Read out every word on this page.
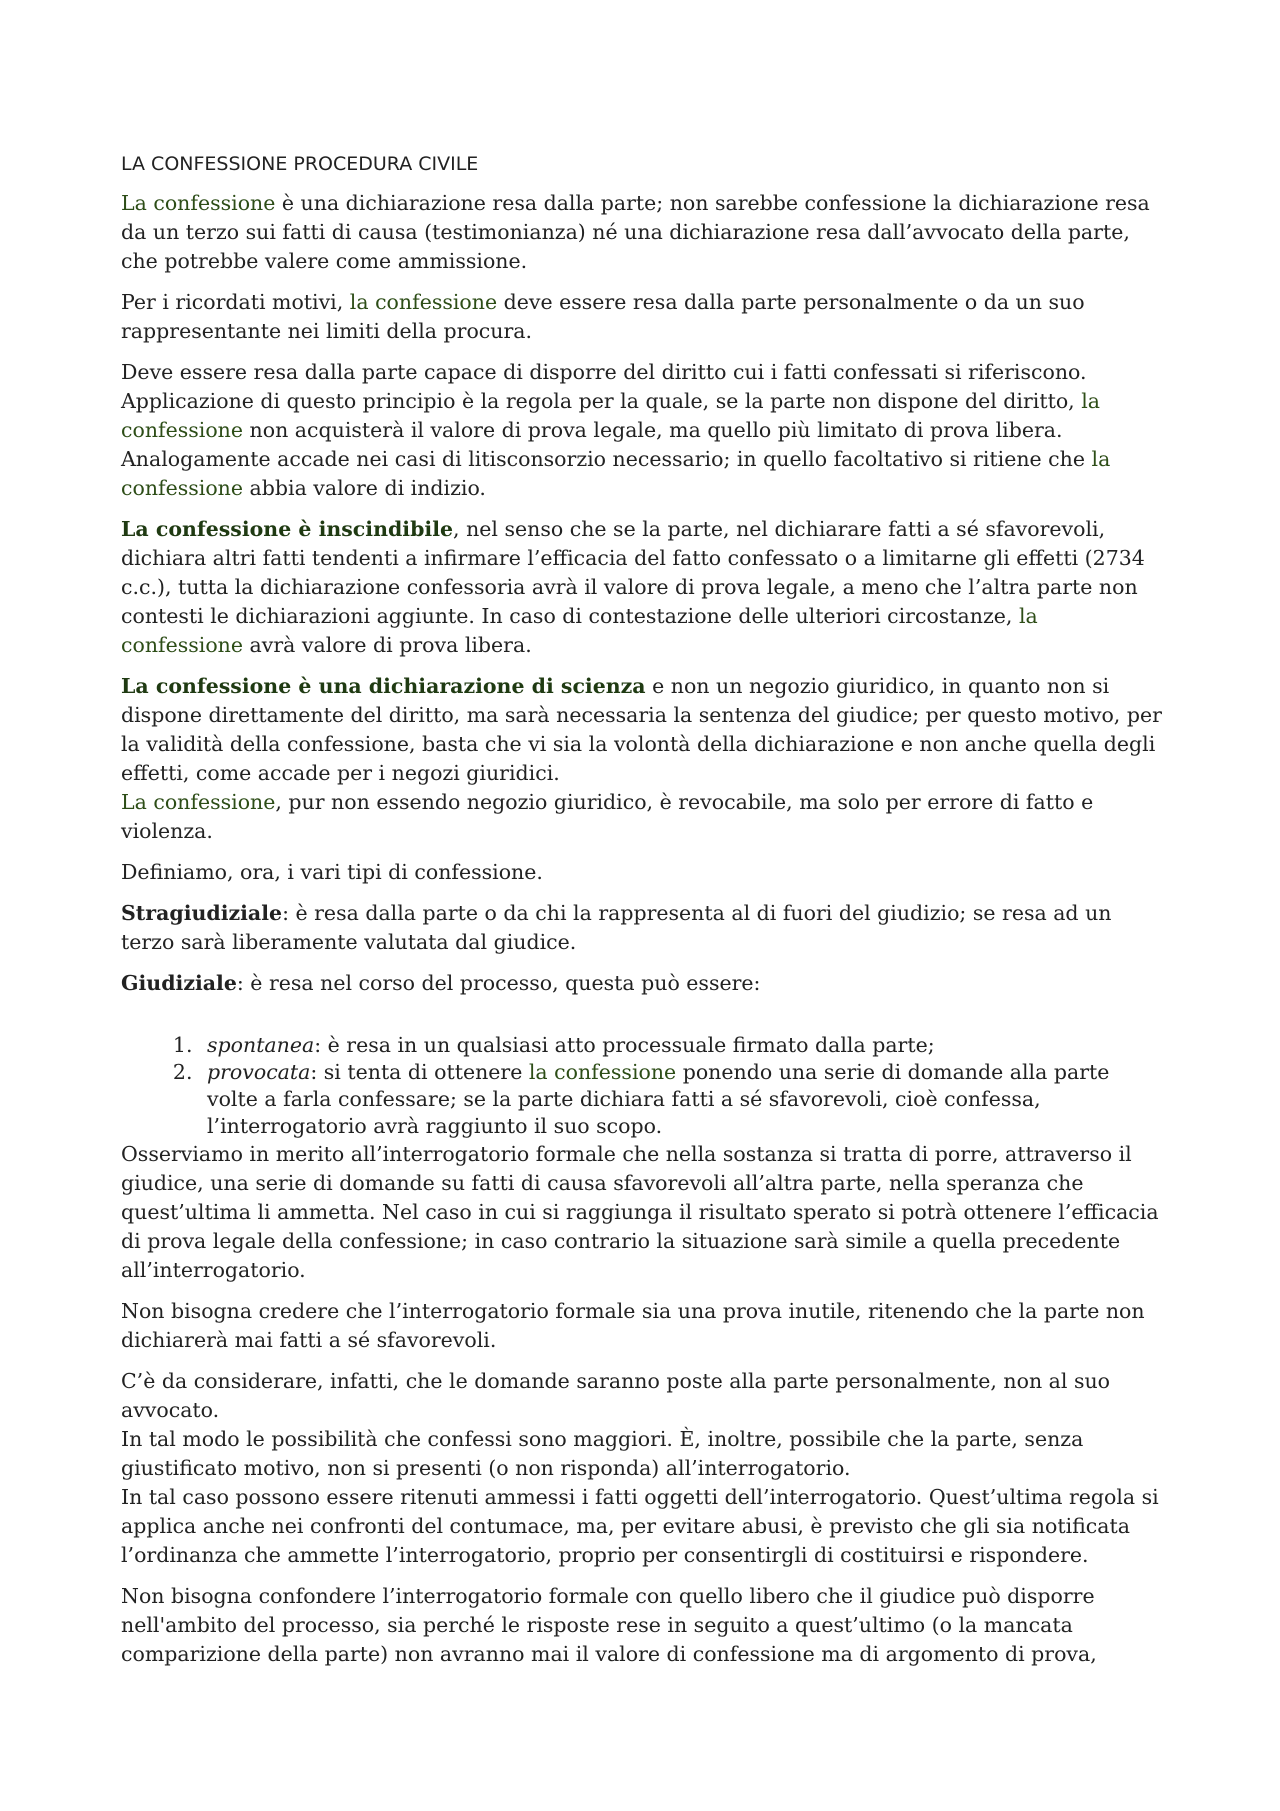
LA CONFESSIONE PROCEDURA CIVILE

La confessione è una dichiarazione resa dalla parte; non sarebbe confessione la dichiarazione resa da un terzo sui fatti di causa (testimonianza) né una dichiarazione resa dall’avvocato della parte, che potrebbe valere come ammissione.

Per i ricordati motivi, la confessione deve essere resa dalla parte personalmente o da un suo rappresentante nei limiti della procura.

Deve essere resa dalla parte capace di disporre del diritto cui i fatti confessati si riferiscono. Applicazione di questo principio è la regola per la quale, se la parte non dispone del diritto, la confessione non acquisterà il valore di prova legale, ma quello più limitato di prova libera. Analogamente accade nei casi di litisconsorzio necessario; in quello facoltativo si ritiene che la confessione abbia valore di indizio.

La confessione è inscindibile, nel senso che se la parte, nel dichiarare fatti a sé sfavorevoli, dichiara altri fatti tendenti a infirmare l’efficacia del fatto confessato o a limitarne gli effetti (2734 c.c.), tutta la dichiarazione confessoria avrà il valore di prova legale, a meno che l’altra parte non contesti le dichiarazioni aggiunte. In caso di contestazione delle ulteriori circostanze, la confessione avrà valore di prova libera.

La confessione è una dichiarazione di scienza e non un negozio giuridico, in quanto non si dispone direttamente del diritto, ma sarà necessaria la sentenza del giudice; per questo motivo, per la validità della confessione, basta che vi sia la volontà della dichiarazione e non anche quella degli effetti, come accade per i negozi giuridici.
La confessione, pur non essendo negozio giuridico, è revocabile, ma solo per errore di fatto e violenza.

Definiamo, ora, i vari tipi di confessione.

Stragiudiziale: è resa dalla parte o da chi la rappresenta al di fuori del giudizio; se resa ad un terzo sarà liberamente valutata dal giudice.

Giudiziale: è resa nel corso del processo, questa può essere:

1. spontanea: è resa in un qualsiasi atto processuale firmato dalla parte;
2. provocata: si tenta di ottenere la confessione ponendo una serie di domande alla parte volte a farla confessare; se la parte dichiara fatti a sé sfavorevoli, cioè confessa, l’interrogatorio avrà raggiunto il suo scopo.

Osserviamo in merito all’interrogatorio formale che nella sostanza si tratta di porre, attraverso il giudice, una serie di domande su fatti di causa sfavorevoli all’altra parte, nella speranza che quest’ultima li ammetta. Nel caso in cui si raggiunga il risultato sperato si potrà ottenere l’efficacia di prova legale della confessione; in caso contrario la situazione sarà simile a quella precedente all’interrogatorio.

Non bisogna credere che l’interrogatorio formale sia una prova inutile, ritenendo che la parte non dichiarerà mai fatti a sé sfavorevoli.

C’è da considerare, infatti, che le domande saranno poste alla parte personalmente, non al suo avvocato.
In tal modo le possibilità che confessi sono maggiori. È, inoltre, possibile che la parte, senza giustificato motivo, non si presenti (o non risponda) all’interrogatorio.
In tal caso possono essere ritenuti ammessi i fatti oggetti dell’interrogatorio. Quest’ultima regola si applica anche nei confronti del contumace, ma, per evitare abusi, è previsto che gli sia notificata l’ordinanza che ammette l’interrogatorio, proprio per consentirgli di costituirsi e rispondere.

Non bisogna confondere l’interrogatorio formale con quello libero che il giudice può disporre nell'ambito del processo, sia perché le risposte rese in seguito a quest’ultimo (o la mancata comparizione della parte) non avranno mai il valore di confessione ma di argomento di prova,
